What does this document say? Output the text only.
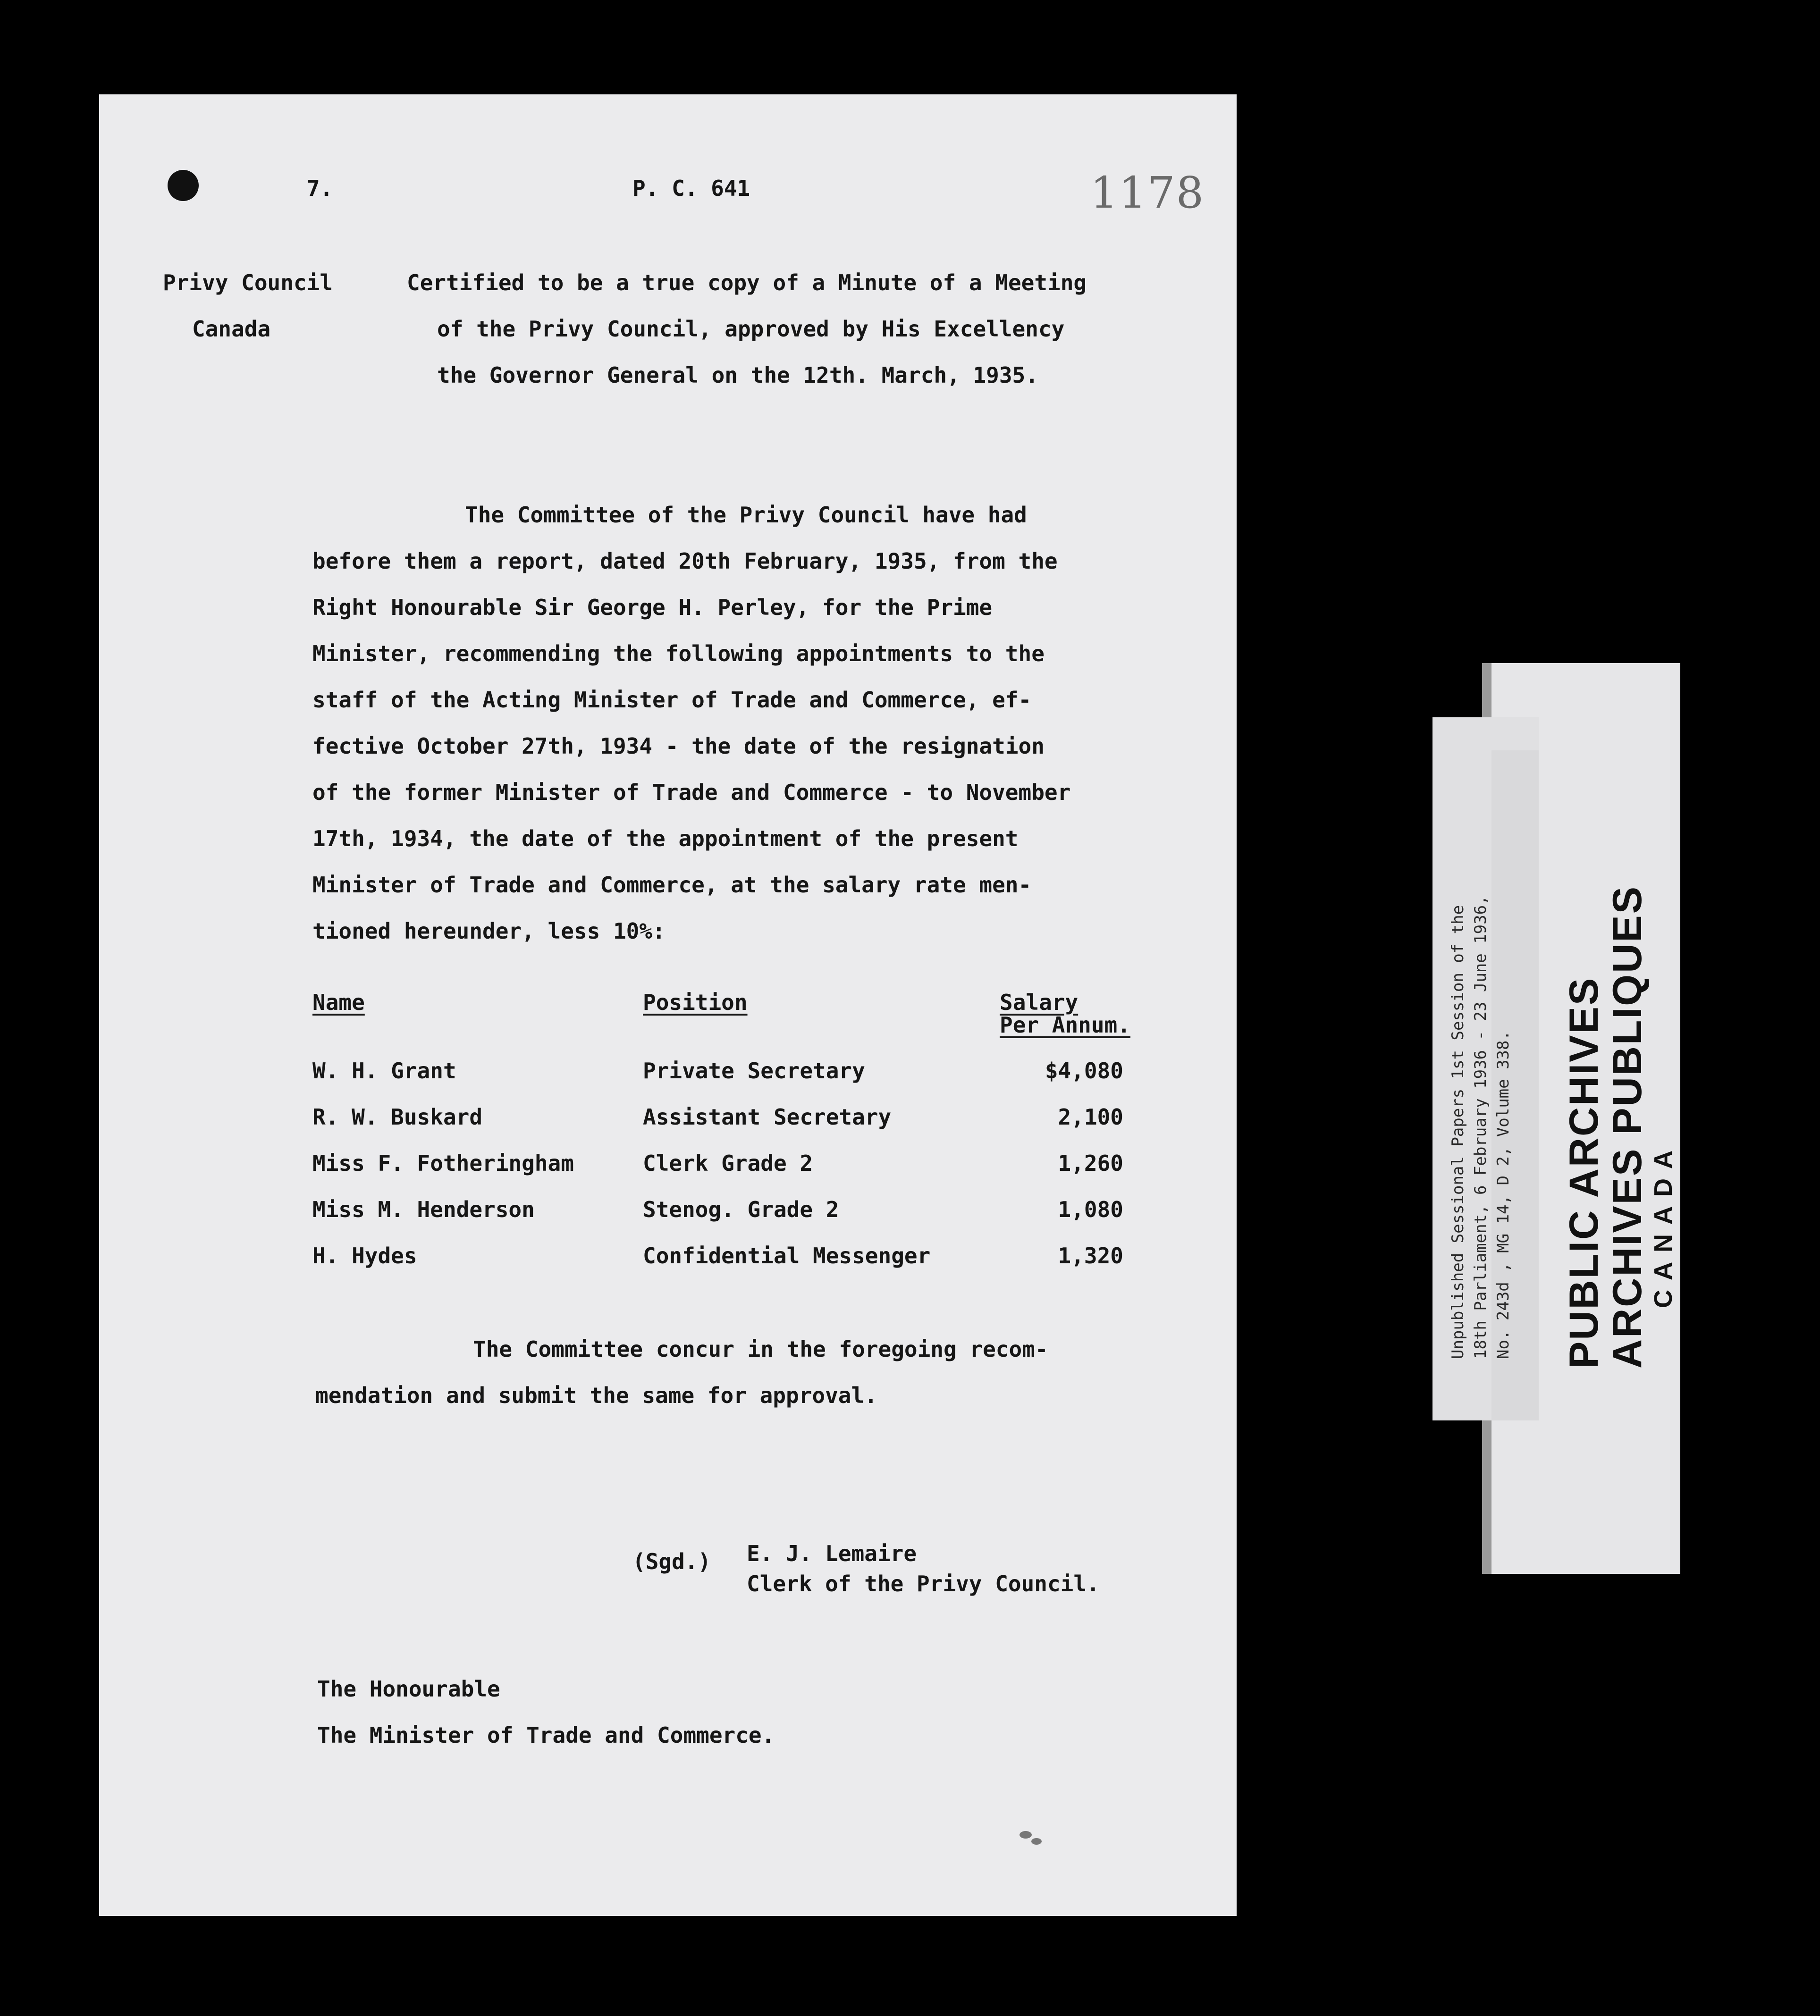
7.	P. C. 641	1178
Privy Council
Canada
Certified to be a true copy of a Minute of a Meeting
of the Privy Council, approved by His Excellency
the Governor General on the 12th. March, 1935.
The Committee of the Privy Council have had
before them a report, dated 20th February, 1935, from the
Right Honourable Sir George H. Perley, for the Prime
Minister, recommending the following appointments to the
staff of the Acting Minister of Trade and Commerce, ef-
fective October 27th, 1934 - the date of the resignation
of the former Minister of Trade and Commerce - to November
17th, 1934, the date of the appointment of the present
Minister of Trade and Commerce, at the salary rate men-
tioned hereunder, less 10%:
Name	Position	Salary
Per Annum.
W. H. Grant	Private Secretary	$4,080
R. W. Buskard	Assistant Secretary	2,100
Miss F. Fotheringham	Clerk Grade 2	1,260
Miss M. Henderson	Stenog. Grade 2	1,080
H. Hydes	Confidential Messenger	1,320
The Committee concur in the foregoing recom-
mendation and submit the same for approval.
(Sgd.) E. J. Lemaire
Clerk of the Privy Council.
The Honourable
The Minister of Trade and Commerce.
Unpublished Sessional Papers 1st Session of the 18th Parliament, 6 February 1936 - 23 June 1936, No. 243d , MG 14, D 2, Volume 338. PUBLIC ARCHIVES
ARCHIVES PUBLIQUES
CANADA
